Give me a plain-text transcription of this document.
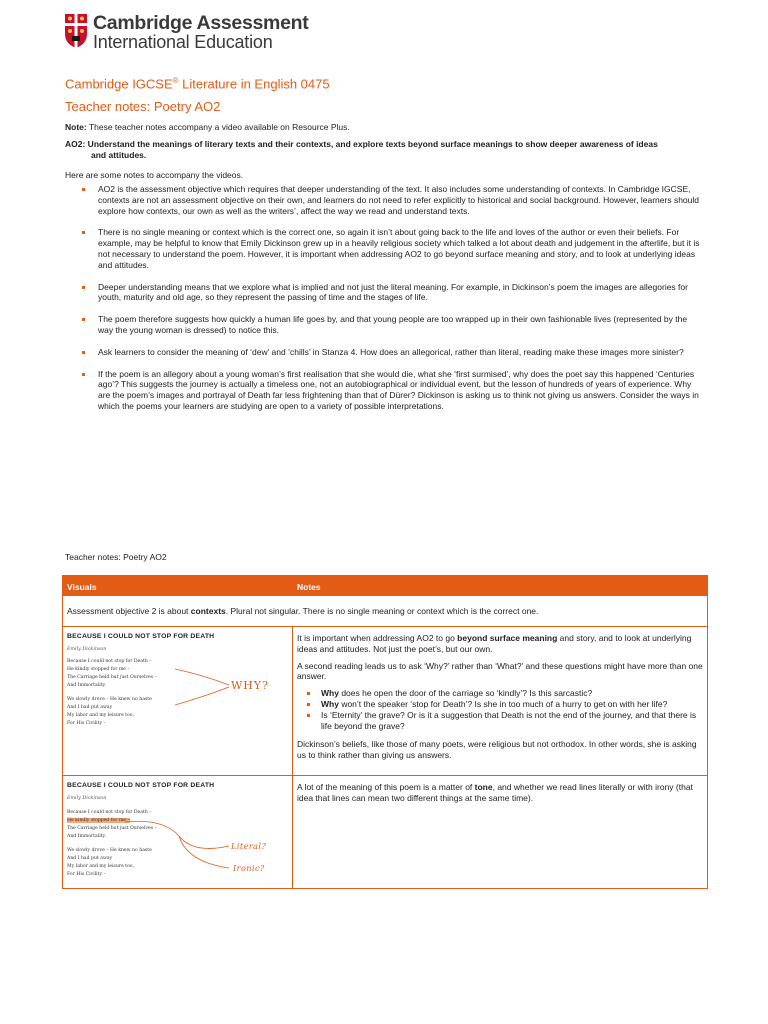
Cambridge Assessment
International Education
Cambridge IGCSE® Literature in English 0475
Teacher notes: Poetry AO2
Note: These teacher notes accompany a video available on Resource Plus.
AO2: Understand the meanings of literary texts and their contexts, and explore texts beyond surface meanings to show deeper awareness of ideas
and attitudes.
Here are some notes to accompany the videos.
AO2 is the assessment objective which requires that deeper understanding of the text. It also includes some understanding of contexts. In Cambridge IGCSE, contexts are not an assessment objective on their own, and learners do not need to refer explicitly to historical and social background. However, learners should explore how contexts, our own as well as the writers’, affect the way we read and understand texts.
There is no single meaning or context which is the correct one, so again it isn’t about going back to the life and loves of the author or even their beliefs. For example, may be helpful to know that Emily Dickinson grew up in a heavily religious society which talked a lot about death and judgement in the afterlife, but it is not necessary to understand the poem. However, it is important when addressing AO2 to go beyond surface meaning and story, and to look at underlying ideas and attitudes.
Deeper understanding means that we explore what is implied and not just the literal meaning. For example, in Dickinson’s poem the images are allegories for youth, maturity and old age, so they represent the passing of time and the stages of life.
The poem therefore suggests how quickly a human life goes by, and that young people are too wrapped up in their own fashionable lives (represented by the way the young woman is dressed) to notice this.
Ask learners to consider the meaning of ‘dew’ and ‘chills’ in Stanza 4. How does an allegorical, rather than literal, reading make these images more sinister?
If the poem is an allegory about a young woman’s first realisation that she would die, what she ‘first surmised’, why does the poet say this happened ‘Centuries ago’? This suggests the journey is actually a timeless one, not an autobiographical or individual event, but the lesson of hundreds of years of experience. Why are the poem’s images and portrayal of Death far less frightening than that of Dürer? Dickinson is asking us to think not giving us answers. Consider the ways in which the poems your learners are studying are open to a variety of possible interpretations.
Teacher notes: Poetry AO2
Visuals	Notes
Assessment objective 2 is about contexts. Plural not singular. There is no single meaning or context which is the correct one.
BECAUSE I COULD NOT STOP FOR DEATH
Emily Dickinson
Because I could not stop for Death –
He kindly stopped for me –
The Carriage held but just Ourselves –
And Immortality.
We slowly drove – He knew no haste
And I had put away
My labor and my leisure too,
For His Civility –
WHY?

It is important when addressing AO2 to go beyond surface meaning and story, and to look at underlying ideas and attitudes. Not just the poet’s, but our own.

A second reading leads us to ask ‘Why?’ rather than ‘What?’ and these questions might have more than one answer.

Why does he open the door of the carriage so ‘kindly’? Is this sarcastic?
Why won’t the speaker ‘stop for Death’? Is she in too much of a hurry to get on with her life?
Is ‘Eternity’ the grave? Or is it a suggestion that Death is not the end of the journey, and that there is life beyond the grave?

Dickinson’s beliefs, like those of many poets, were religious but not orthodox. In other words, she is asking us to think rather than giving us answers.

BECAUSE I COULD NOT STOP FOR DEATH
Emily Dickinson
Because I could not stop for Death –
He kindly stopped for me –
The Carriage held but just Ourselves –
And Immortality.
We slowly drove – He knew no haste
And I had put away
My labor and my leisure too,
For His Civility –
Literal?
Ironic?

A lot of the meaning of this poem is a matter of tone, and whether we read lines literally or with irony (that idea that lines can mean two different things at the same time).
